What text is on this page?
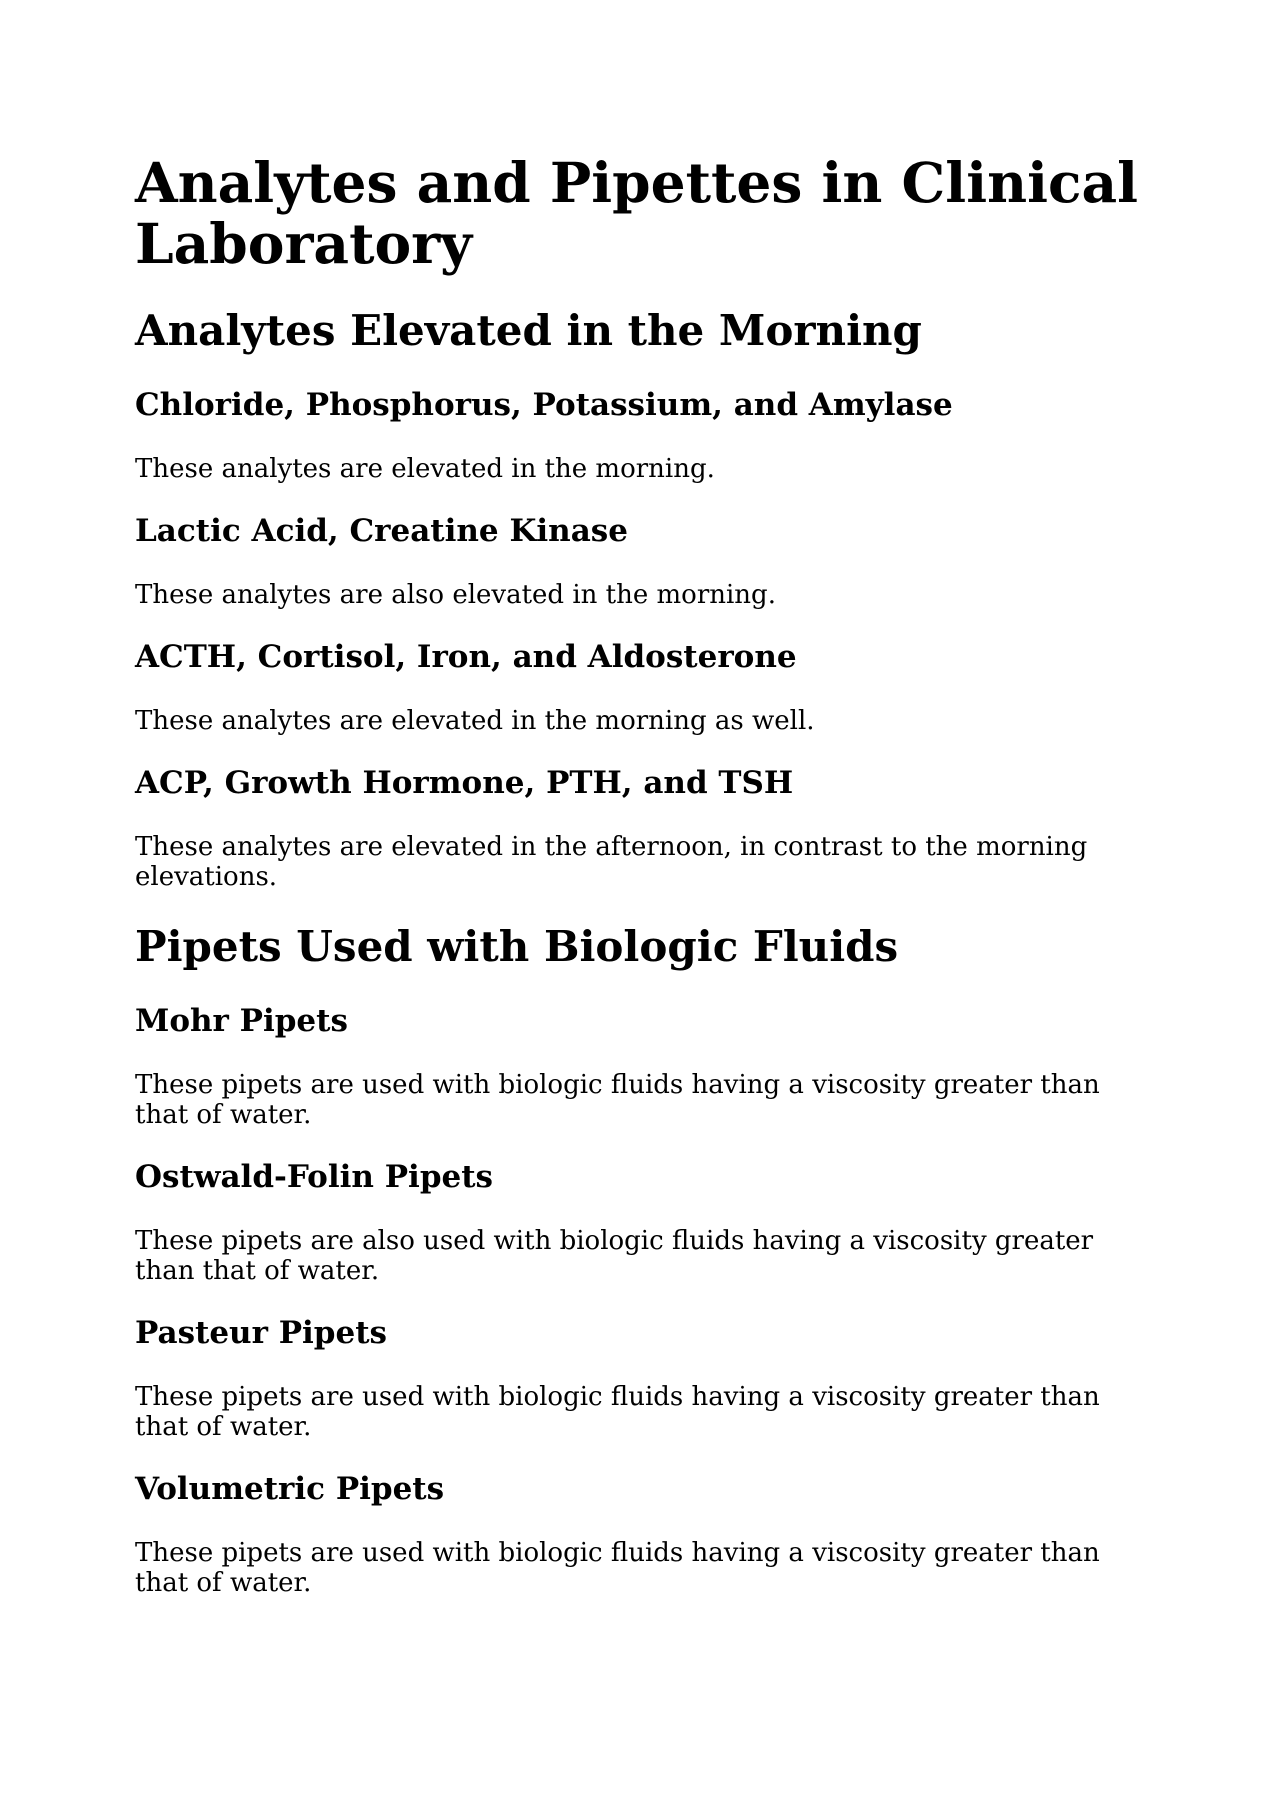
Analytes and Pipettes in Clinical Laboratory
Analytes Elevated in the Morning
Chloride, Phosphorus, Potassium, and Amylase

These analytes are elevated in the morning.

Lactic Acid, Creatine Kinase

These analytes are also elevated in the morning.

ACTH, Cortisol, Iron, and Aldosterone

These analytes are elevated in the morning as well.

ACP, Growth Hormone, PTH, and TSH

These analytes are elevated in the afternoon, in contrast to the morning elevations.

Pipets Used with Biologic Fluids
Mohr Pipets

These pipets are used with biologic fluids having a viscosity greater than that of water.

Ostwald-Folin Pipets

These pipets are also used with biologic fluids having a viscosity greater than that of water.

Pasteur Pipets

These pipets are used with biologic fluids having a viscosity greater than that of water.

Volumetric Pipets

These pipets are used with biologic fluids having a viscosity greater than that of water.
